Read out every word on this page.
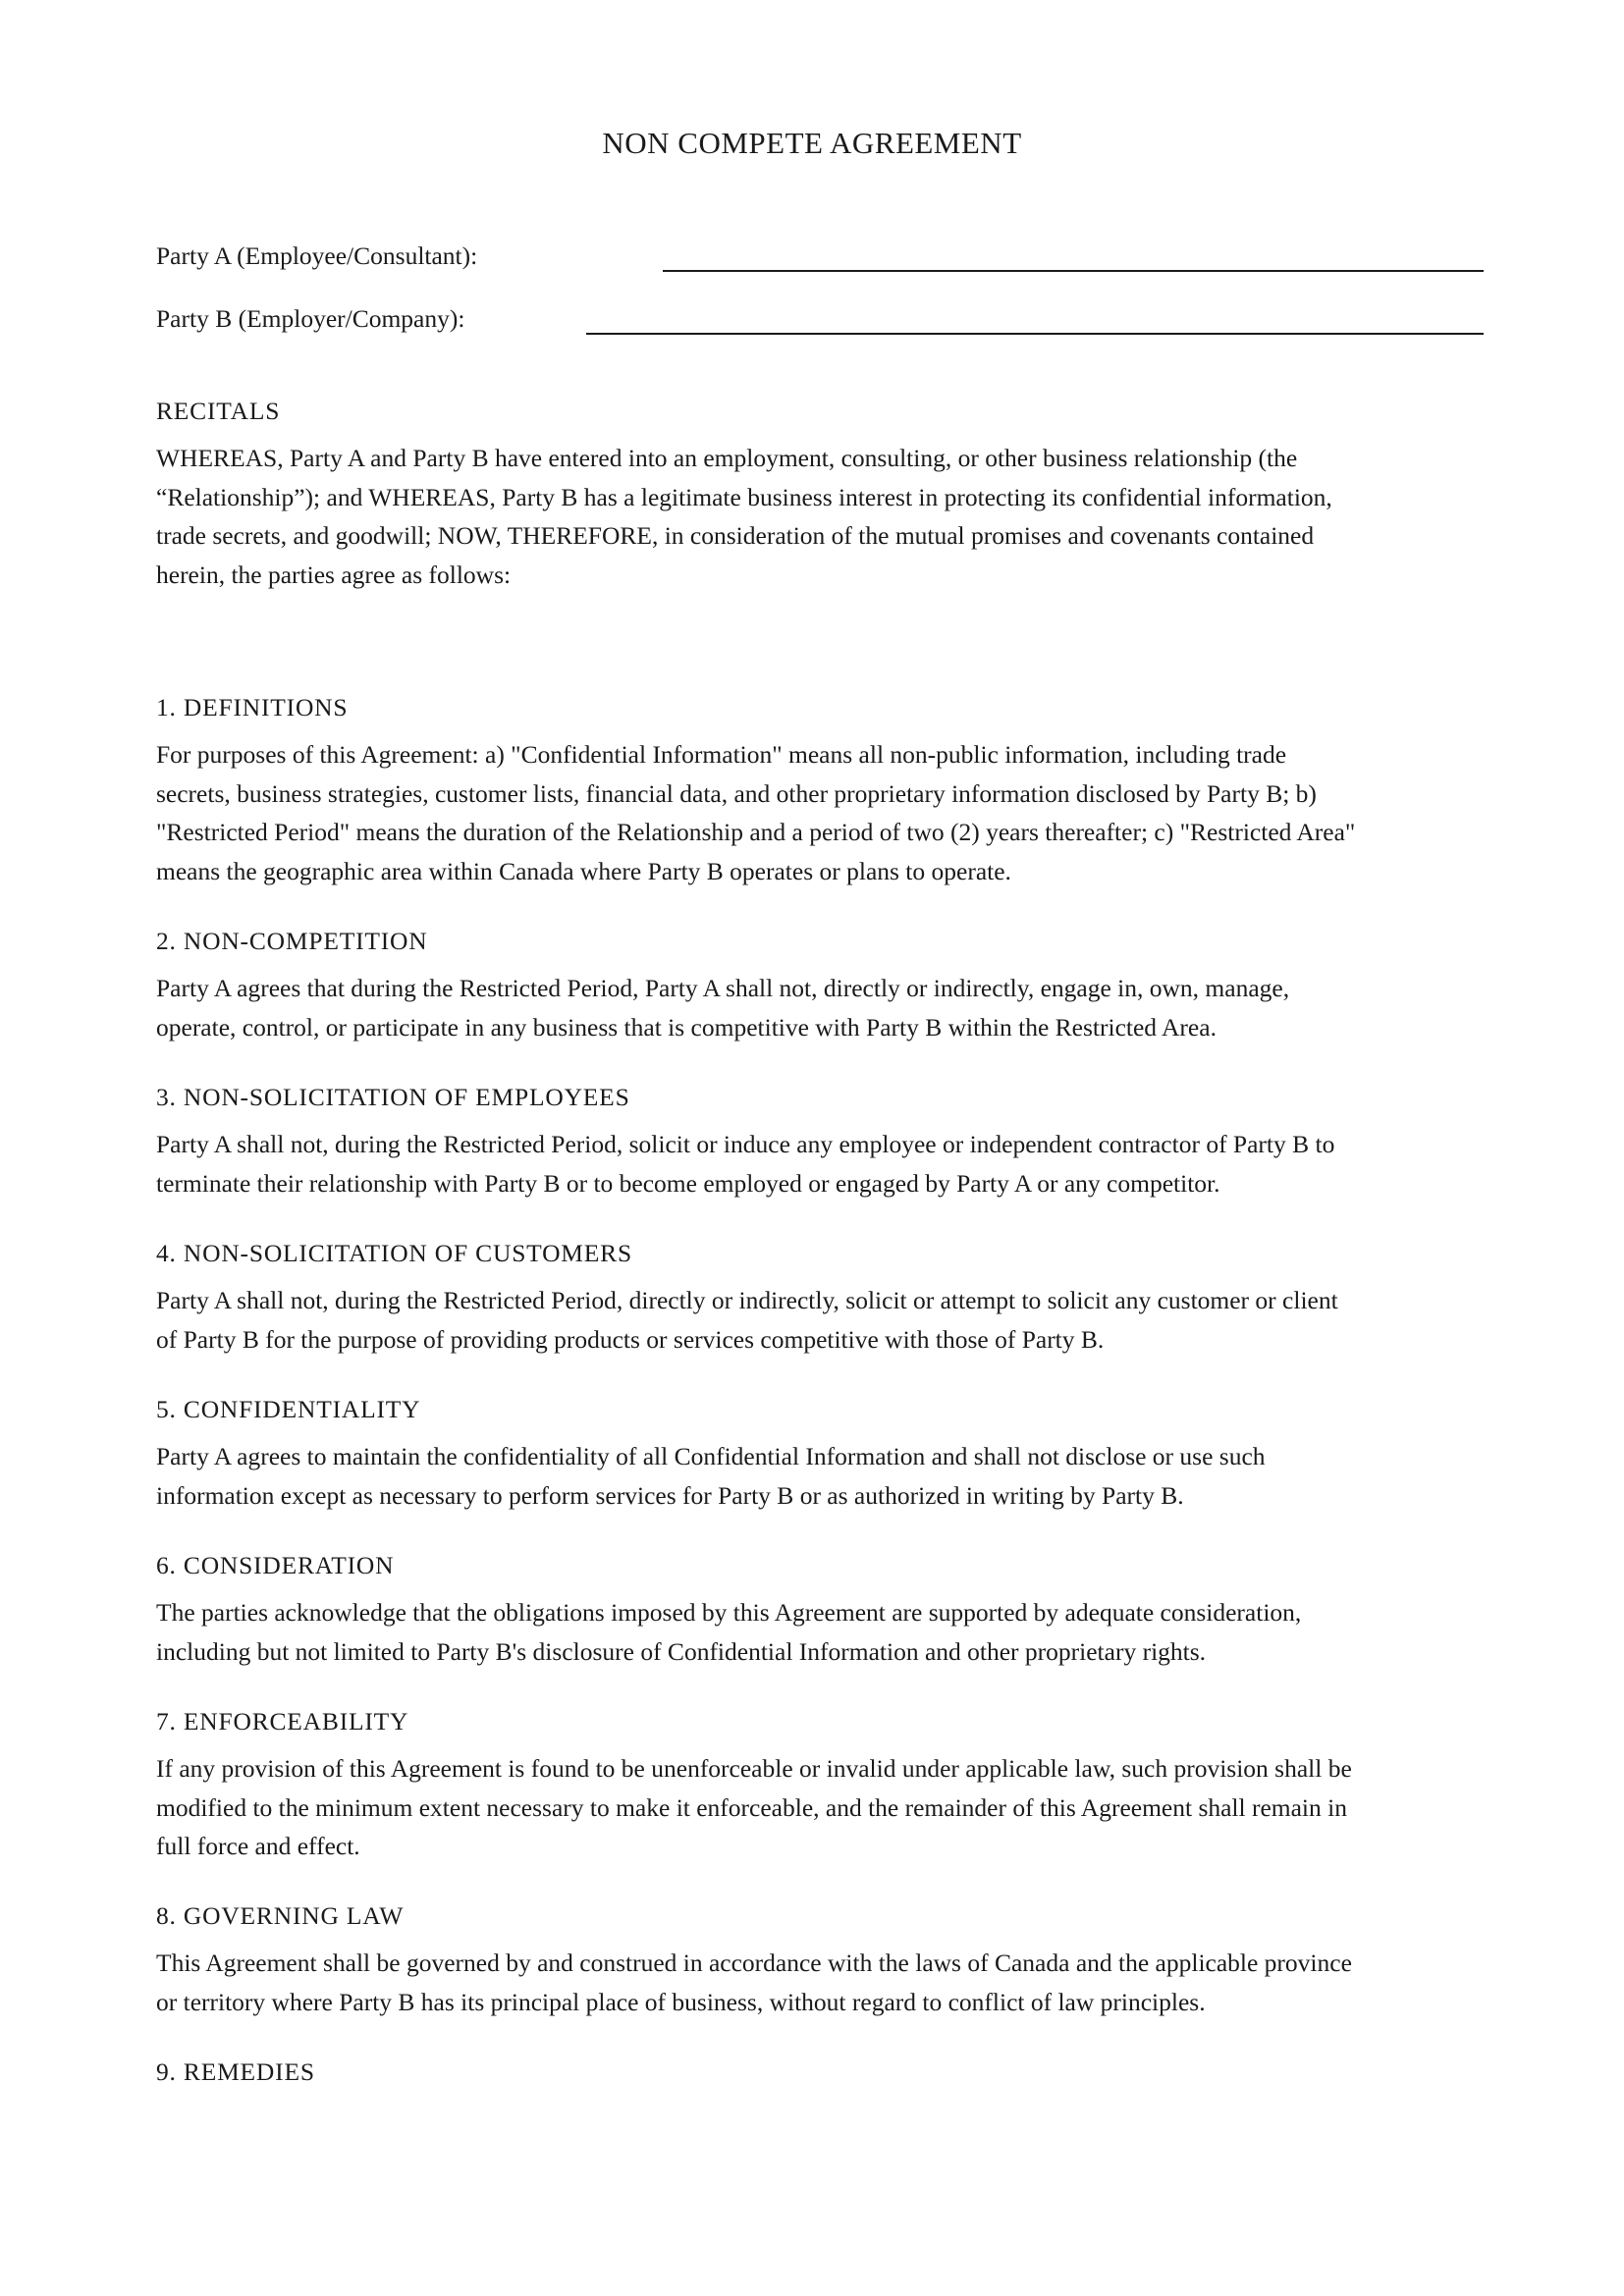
NON COMPETE AGREEMENT
Party A (Employee/Consultant):
Party B (Employer/Company):
RECITALS
WHEREAS, Party A and Party B have entered into an employment, consulting, or other business relationship (the
“Relationship”); and WHEREAS, Party B has a legitimate business interest in protecting its confidential information,
trade secrets, and goodwill; NOW, THEREFORE, in consideration of the mutual promises and covenants contained
herein, the parties agree as follows:
1. DEFINITIONS
For purposes of this Agreement: a) "Confidential Information" means all non-public information, including trade
secrets, business strategies, customer lists, financial data, and other proprietary information disclosed by Party B; b)
"Restricted Period" means the duration of the Relationship and a period of two (2) years thereafter; c) "Restricted Area"
means the geographic area within Canada where Party B operates or plans to operate.
2. NON-COMPETITION
Party A agrees that during the Restricted Period, Party A shall not, directly or indirectly, engage in, own, manage,
operate, control, or participate in any business that is competitive with Party B within the Restricted Area.
3. NON-SOLICITATION OF EMPLOYEES
Party A shall not, during the Restricted Period, solicit or induce any employee or independent contractor of Party B to
terminate their relationship with Party B or to become employed or engaged by Party A or any competitor.
4. NON-SOLICITATION OF CUSTOMERS
Party A shall not, during the Restricted Period, directly or indirectly, solicit or attempt to solicit any customer or client
of Party B for the purpose of providing products or services competitive with those of Party B.
5. CONFIDENTIALITY
Party A agrees to maintain the confidentiality of all Confidential Information and shall not disclose or use such
information except as necessary to perform services for Party B or as authorized in writing by Party B.
6. CONSIDERATION
The parties acknowledge that the obligations imposed by this Agreement are supported by adequate consideration,
including but not limited to Party B's disclosure of Confidential Information and other proprietary rights.
7. ENFORCEABILITY
If any provision of this Agreement is found to be unenforceable or invalid under applicable law, such provision shall be
modified to the minimum extent necessary to make it enforceable, and the remainder of this Agreement shall remain in
full force and effect.
8. GOVERNING LAW
This Agreement shall be governed by and construed in accordance with the laws of Canada and the applicable province
or territory where Party B has its principal place of business, without regard to conflict of law principles.
9. REMEDIES
